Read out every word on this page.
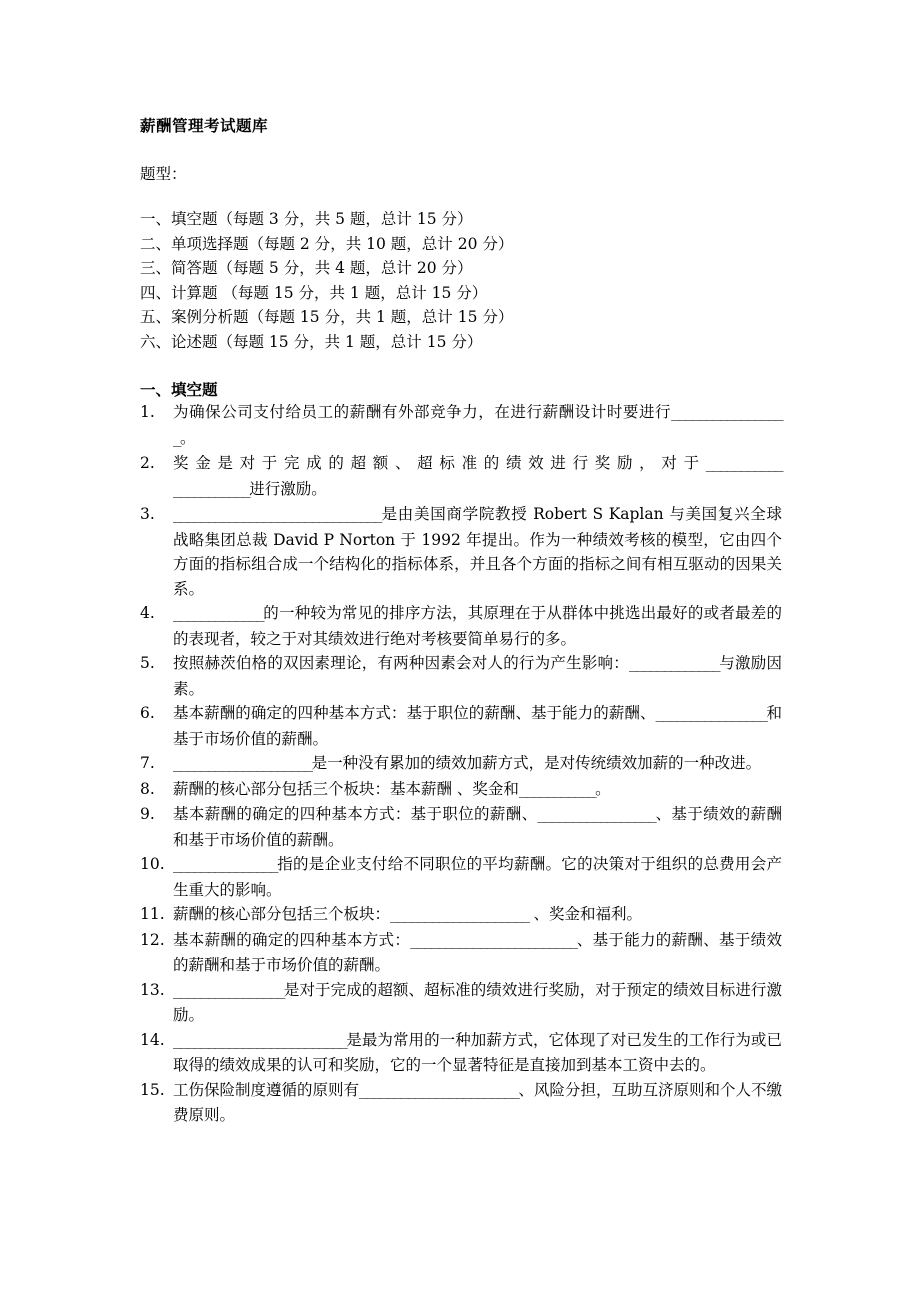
薪酬管理考试题库
题型：
一、填空题（每题 3 分，共 5 题，总计 15 分）
二、单项选择题（每题 2 分，共 10 题，总计 20 分）
三、简答题（每题 5 分，共 4 题，总计 20 分）
四、计算题 （每题 15 分，共 1 题，总计 15 分）
五、案例分析题（每题 15 分，共 1 题，总计 15 分）
六、论述题（每题 15 分，共 1 题，总计 15 分）
一、填空题
1. 为确保公司支付给员工的薪酬有外部竞争力，在进行薪酬设计时要进行_________________。
2. 奖金是对于完成的超额、超标准的绩效进行奖励，对于______________________进行激励。
3. ______________________________是由美国商学院教授 Robert S Kaplan 与美国复兴全球战略集团总裁 David P Norton 于 1992 年提出。作为一种绩效考核的模型，它由四个方面的指标组合成一个结构化的指标体系，并且各个方面的指标之间有相互驱动的因果关系。
4. _____________的一种较为常见的排序方法，其原理在于从群体中挑选出最好的或者最差的的表现者，较之于对其绩效进行绝对考核要简单易行的多。
5. 按照赫茨伯格的双因素理论，有两种因素会对人的行为产生影响：_____________与激励因素。
6. 基本薪酬的确定的四种基本方式：基于职位的薪酬、基于能力的薪酬、________________和基于市场价值的薪酬。
7. ____________________是一种没有累加的绩效加薪方式，是对传统绩效加薪的一种改进。
8. 薪酬的核心部分包括三个板块：基本薪酬 、奖金和___________。
9. 基本薪酬的确定的四种基本方式：基于职位的薪酬、_________________、基于绩效的薪酬和基于市场价值的薪酬。
10. _______________指的是企业支付给不同职位的平均薪酬。它的决策对于组织的总费用会产生重大的影响。
11. 薪酬的核心部分包括三个板块：____________________ 、奖金和福利。
12. 基本薪酬的确定的四种基本方式：________________________、基于能力的薪酬、基于绩效的薪酬和基于市场价值的薪酬。
13. ________________是对于完成的超额、超标准的绩效进行奖励，对于预定的绩效目标进行激励。
14. _________________________是最为常用的一种加薪方式，它体现了对已发生的工作行为或已取得的绩效成果的认可和奖励，它的一个显著特征是直接加到基本工资中去的。
15. 工伤保险制度遵循的原则有_______________________、风险分担，互助互济原则和个人不缴费原则。
